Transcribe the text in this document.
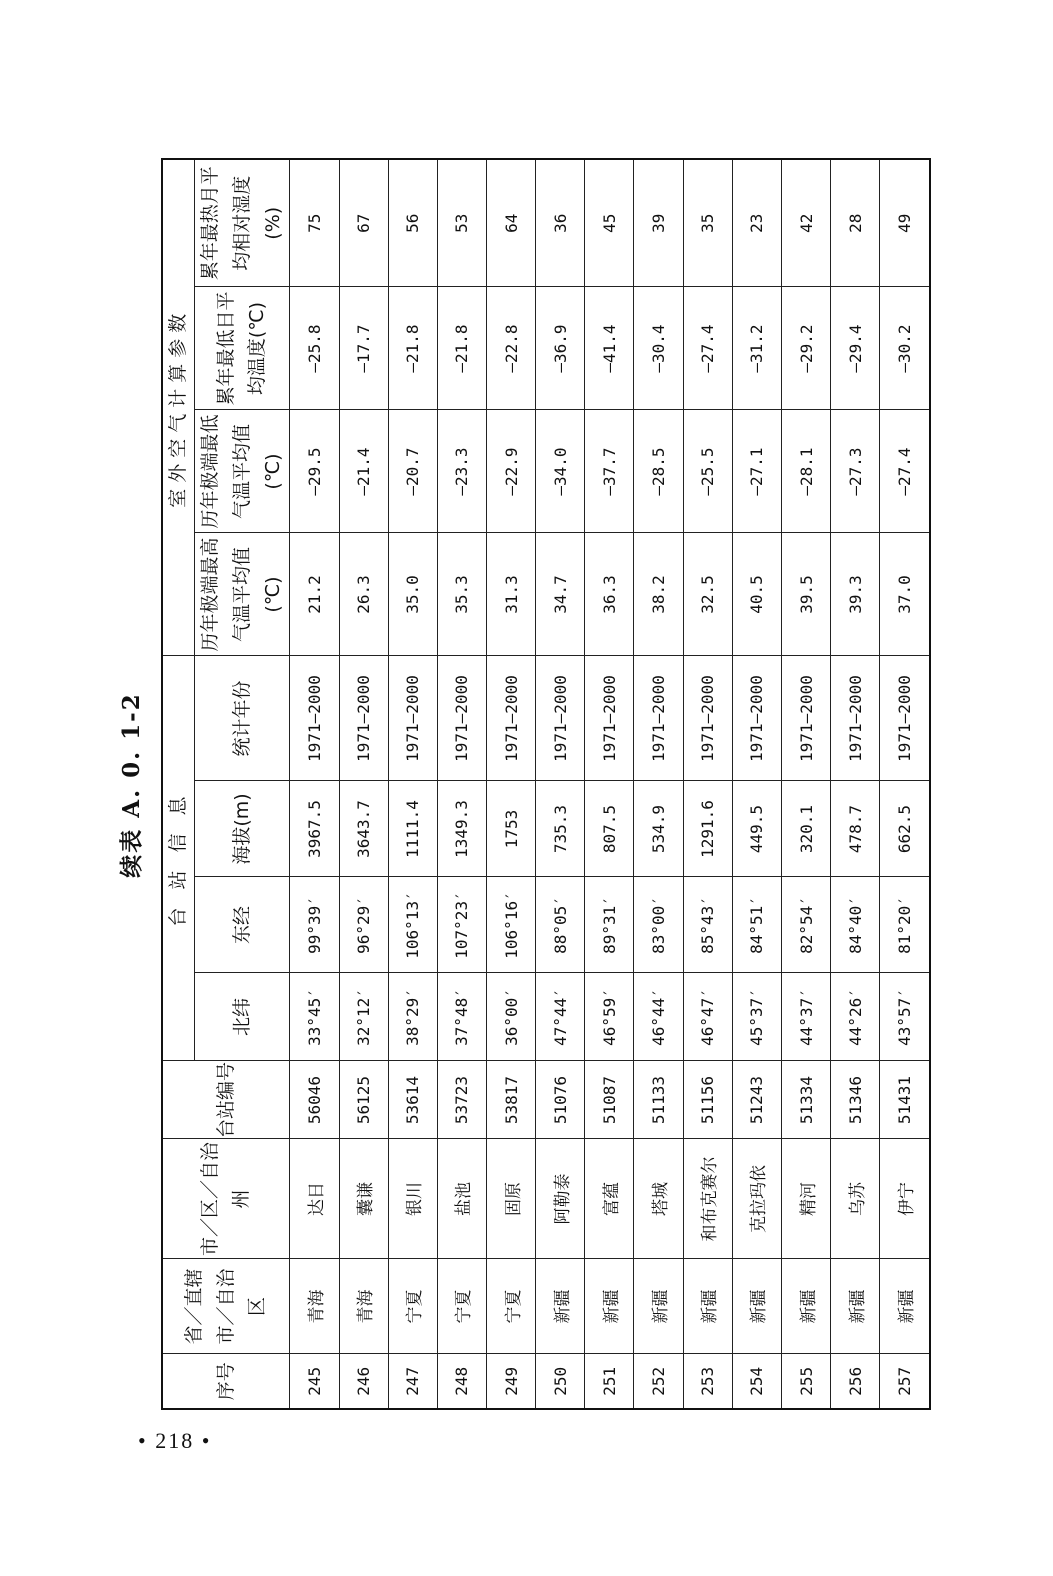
• 218 •
续表 A. 0. 1-2
序号	省／直辖市／自治区	市／区／自治州	台站编号	台 站 信 息				室外空气计算参数			
				北纬	东经	海拔(m)	统计年份	历年极端最高气温平均值(℃)	历年极端最低气温平均值(℃)	累年最低日平均温度(℃)	累年最热月平均相对湿度(%)
245	青海	达日	56046	33°45′	99°39′	3967.5	1971—2000	21.2	—29.5	—25.8	75
246	青海	囊谦	56125	32°12′	96°29′	3643.7	1971—2000	26.3	—21.4	—17.7	67
247	宁夏	银川	53614	38°29′	106°13′	1111.4	1971—2000	35.0	—20.7	—21.8	56
248	宁夏	盐池	53723	37°48′	107°23′	1349.3	1971—2000	35.3	—23.3	—21.8	53
249	宁夏	固原	53817	36°00′	106°16′	1753	1971—2000	31.3	—22.9	—22.8	64
250	新疆	阿勒泰	51076	47°44′	88°05′	735.3	1971—2000	34.7	—34.0	—36.9	36
251	新疆	富蕴	51087	46°59′	89°31′	807.5	1971—2000	36.3	—37.7	—41.4	45
252	新疆	塔城	51133	46°44′	83°00′	534.9	1971—2000	38.2	—28.5	—30.4	39
253	新疆	和布克赛尔	51156	46°47′	85°43′	1291.6	1971—2000	32.5	—25.5	—27.4	35
254	新疆	克拉玛依	51243	45°37′	84°51′	449.5	1971—2000	40.5	—27.1	—31.2	23
255	新疆	精河	51334	44°37′	82°54′	320.1	1971—2000	39.5	—28.1	—29.2	42
256	新疆	乌苏	51346	44°26′	84°40′	478.7	1971—2000	39.3	—27.3	—29.4	28
257	新疆	伊宁	51431	43°57′	81°20′	662.5	1971—2000	37.0	—27.4	—30.2	49
